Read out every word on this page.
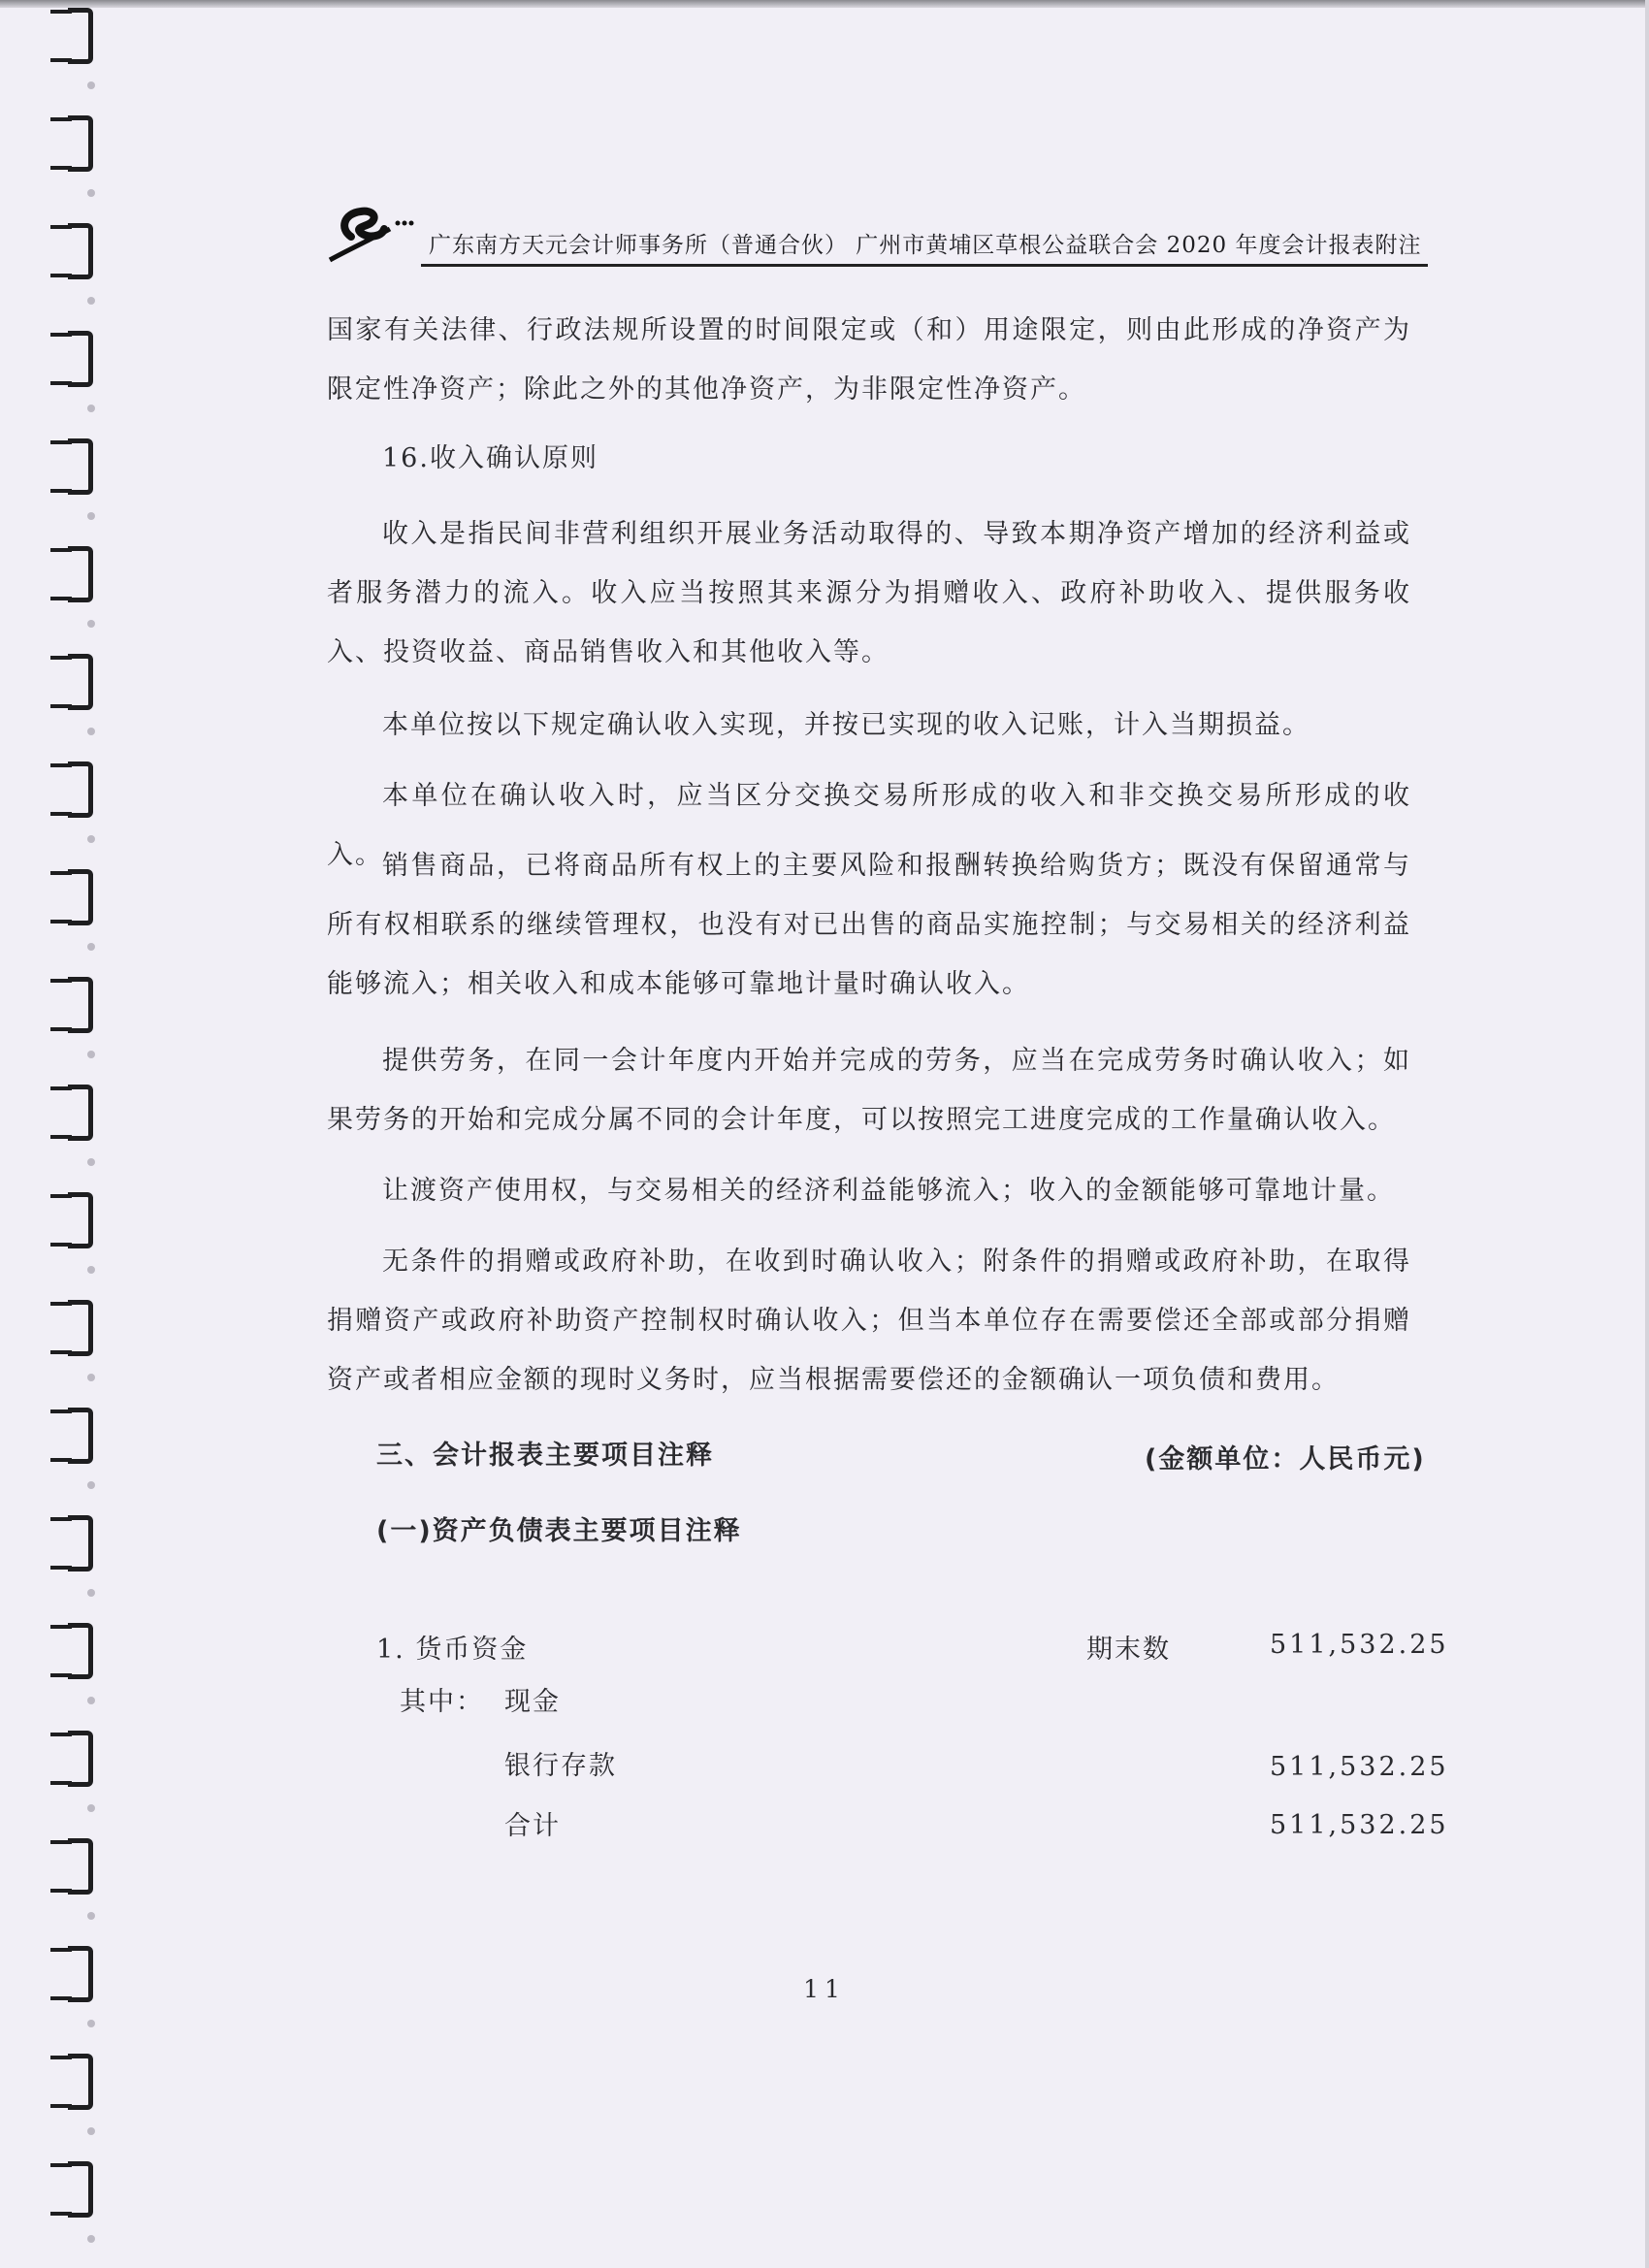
广东南方天元会计师事务所（普通合伙） 广州市黄埔区草根公益联合会 2020 年度会计报表附注

国家有关法律、行政法规所设置的时间限定或（和）用途限定，则由此形成的净资产为限定性净资产；除此之外的其他净资产，为非限定性净资产。

16.收入确认原则

收入是指民间非营利组织开展业务活动取得的、导致本期净资产增加的经济利益或者服务潜力的流入。收入应当按照其来源分为捐赠收入、政府补助收入、提供服务收入、投资收益、商品销售收入和其他收入等。

本单位按以下规定确认收入实现，并按已实现的收入记账，计入当期损益。

本单位在确认收入时，应当区分交换交易所形成的收入和非交换交易所形成的收入。 销售商品，已将商品所有权上的主要风险和报酬转换给购货方；既没有保留通常与所有权相联系的继续管理权，也没有对已出售的商品实施控制；与交易相关的经济利益能够流入；相关收入和成本能够可靠地计量时确认收入。

提供劳务，在同一会计年度内开始并完成的劳务，应当在完成劳务时确认收入；如果劳务的开始和完成分属不同的会计年度，可以按照完工进度完成的工作量确认收入。

让渡资产使用权，与交易相关的经济利益能够流入；收入的金额能够可靠地计量。

无条件的捐赠或政府补助，在收到时确认收入；附条件的捐赠或政府补助，在取得捐赠资产或政府补助资产控制权时确认收入；但当本单位存在需要偿还全部或部分捐赠资产或者相应金额的现时义务时，应当根据需要偿还的金额确认一项负债和费用。

三、会计报表主要项目注释	(金额单位：人民币元)
(一)资产负债表主要项目注释
1. 货币资金	期末数	511,532.25
其中： 现金
银行存款	511,532.25
合计	511,532.25
11
